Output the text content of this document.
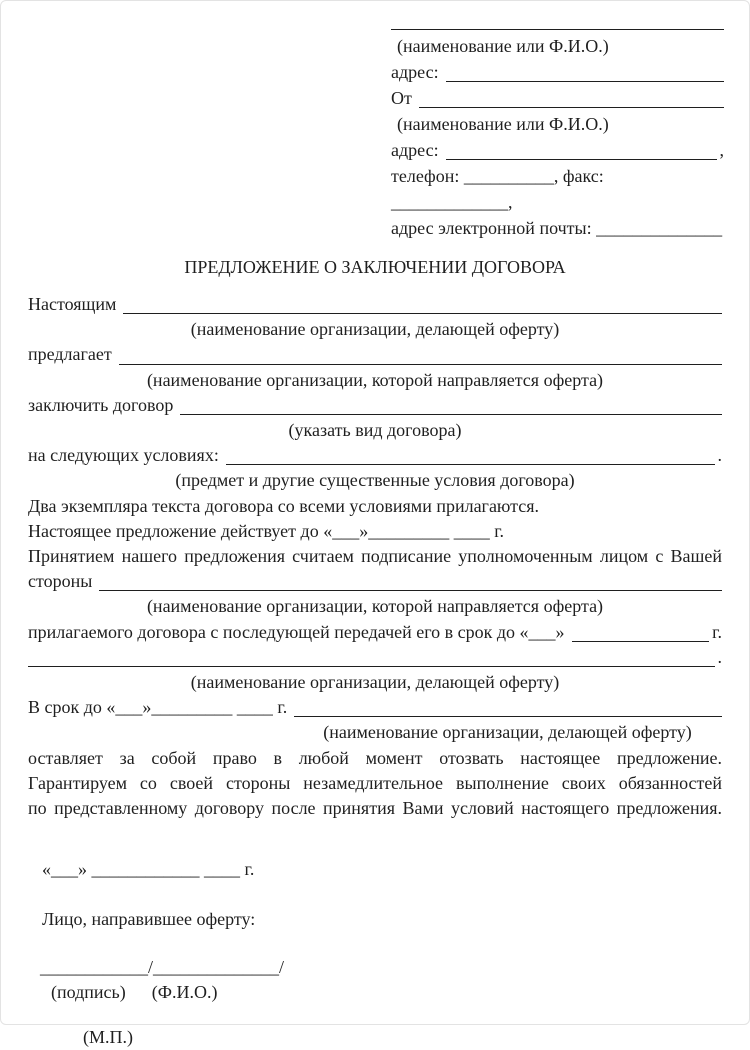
(наименование или Ф.И.О.)
адрес:
От
(наименование или Ф.И.О.)
адрес:	,
телефон: __________, факс: _____________,
адрес электронной почты: ______________
ПРЕДЛОЖЕНИЕ О ЗАКЛЮЧЕНИИ ДОГОВОРА
Настоящим
(наименование организации, делающей оферту)
предлагает
(наименование организации, которой направляется оферта)
заключить договор
(указать вид договора)
на следующих условиях:	.
(предмет и другие существенные условия договора)
Два экземпляра текста договора со всеми условиями прилагаются.
Настоящее предложение действует до «___»_________ ____ г.
Принятием нашего предложения считаем подписание уполномоченным лицом с Вашей
стороны
(наименование организации, которой направляется оферта)
прилагаемого договора с последующей передачей его в срок до «___»	г.
.
(наименование организации, делающей оферту)
В срок до «___»_________ ____ г.
(наименование организации, делающей оферту)
оставляет за собой право в любой момент отозвать настоящее предложение.
Гарантируем со своей стороны незамедлительное выполнение своих обязанностей
по представленному договору после принятия Вами условий настоящего предложения.
«___» ____________ ____ г.
Лицо, направившее оферту:
____________/______________/
(подпись) (Ф.И.О.)
(М.П.)
